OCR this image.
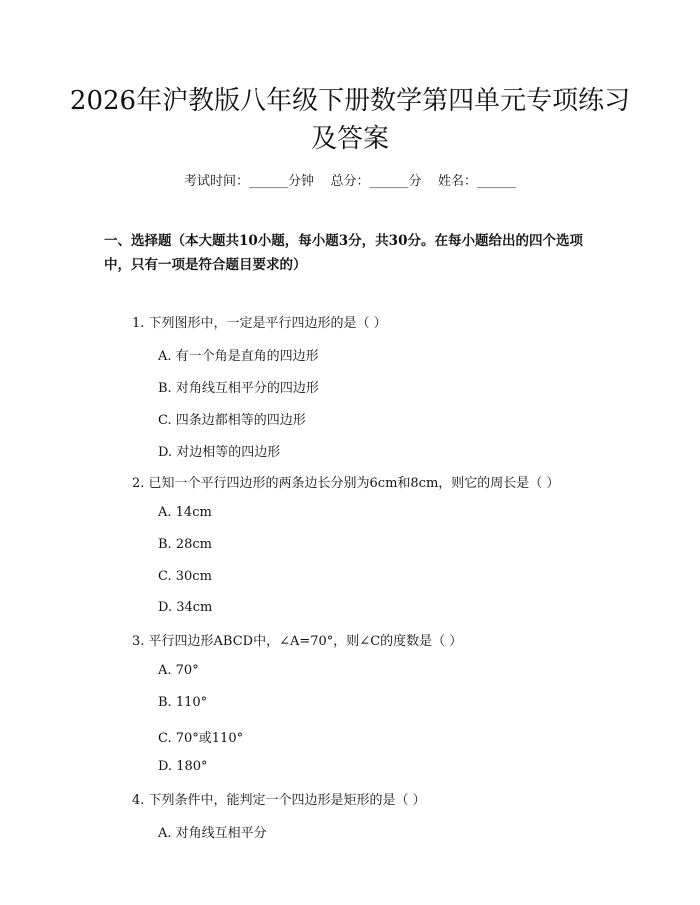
2026年沪教版八年级下册数学第四单元专项练习及答案
考试时间：______分钟    总分：______分    姓名：______

一、选择题（本大题共10小题，每小题3分，共30分。在每小题给出的四个选项中，只有一项是符合题目要求的）

1. 下列图形中，一定是平行四边形的是（ ）
A. 有一个角是直角的四边形
B. 对角线互相平分的四边形
C. 四条边都相等的四边形
D. 对边相等的四边形
2. 已知一个平行四边形的两条边长分别为6cm和8cm，则它的周长是（ ）
A. 14cm
B. 28cm
C. 30cm
D. 34cm
3. 平行四边形ABCD中，∠A=70°，则∠C的度数是（ ）
A. 70°
B. 110°
C. 70°或110°
D. 180°
4. 下列条件中，能判定一个四边形是矩形的是（ ）
A. 对角线互相平分
